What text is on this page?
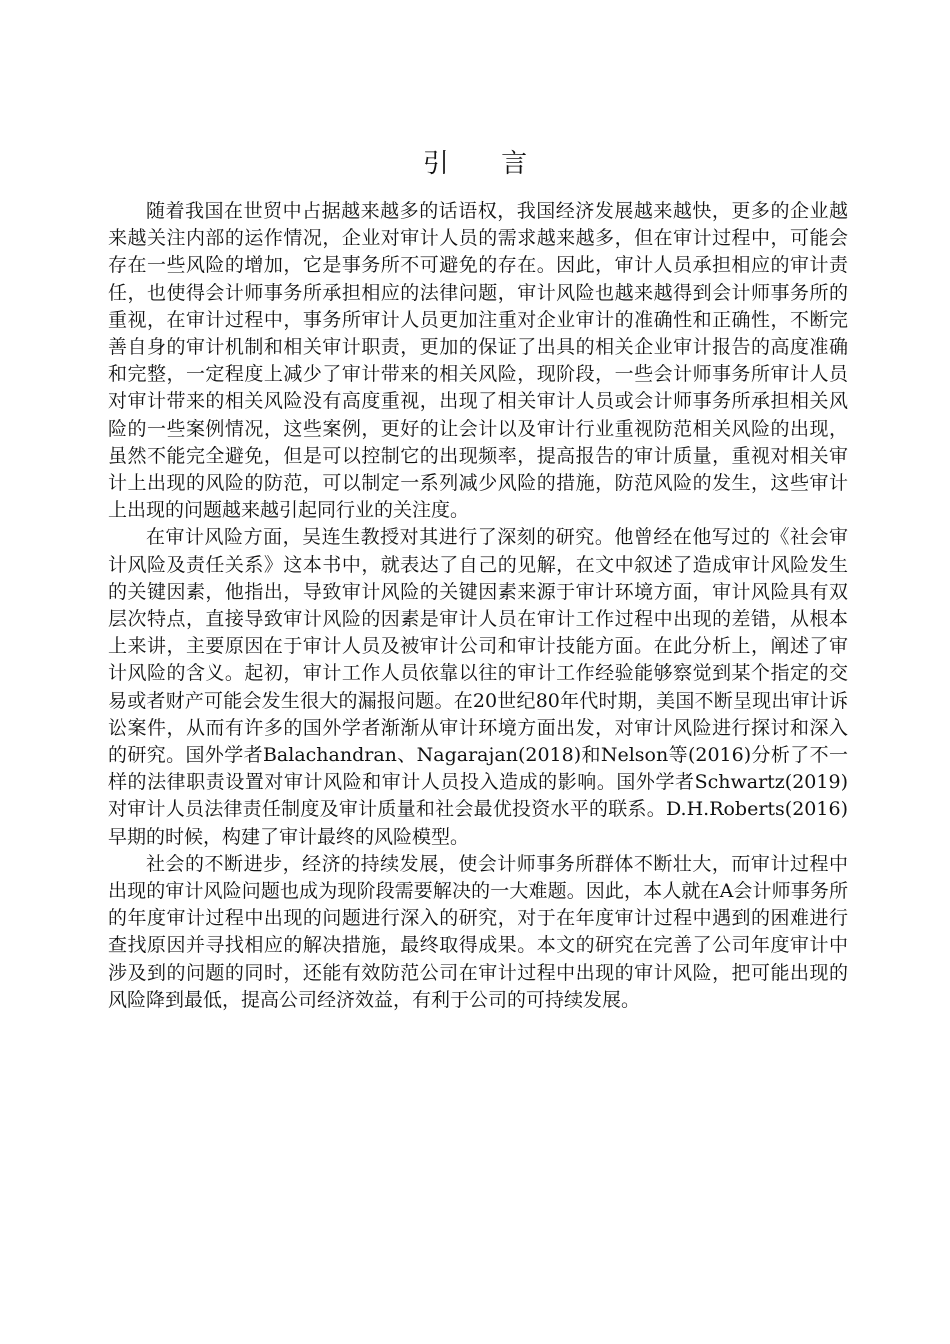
引 言

随着我国在世贸中占据越来越多的话语权，我国经济发展越来越快，更多的企业越来越关注内部的运作情况，企业对审计人员的需求越来越多，但在审计过程中，可能会存在一些风险的增加，它是事务所不可避免的存在。因此，审计人员承担相应的审计责任，也使得会计师事务所承担相应的法律问题，审计风险也越来越得到会计师事务所的重视，在审计过程中，事务所审计人员更加注重对企业审计的准确性和正确性，不断完善自身的审计机制和相关审计职责，更加的保证了出具的相关企业审计报告的高度准确和完整，一定程度上减少了审计带来的相关风险，现阶段，一些会计师事务所审计人员对审计带来的相关风险没有高度重视，出现了相关审计人员或会计师事务所承担相关风险的一些案例情况，这些案例，更好的让会计以及审计行业重视防范相关风险的出现，虽然不能完全避免，但是可以控制它的出现频率，提高报告的审计质量，重视对相关审计上出现的风险的防范，可以制定一系列减少风险的措施，防范风险的发生，这些审计上出现的问题越来越引起同行业的关注度。

在审计风险方面，吴连生教授对其进行了深刻的研究。他曾经在他写过的《社会审计风险及责任关系》这本书中，就表达了自己的见解，在文中叙述了造成审计风险发生的关键因素，他指出，导致审计风险的关键因素来源于审计环境方面，审计风险具有双层次特点，直接导致审计风险的因素是审计人员在审计工作过程中出现的差错，从根本上来讲，主要原因在于审计人员及被审计公司和审计技能方面。在此分析上，阐述了审计风险的含义。起初，审计工作人员依靠以往的审计工作经验能够察觉到某个指定的交易或者财产可能会发生很大的漏报问题。在20世纪80年代时期，美国不断呈现出审计诉讼案件，从而有许多的国外学者渐渐从审计环境方面出发，对审计风险进行探讨和深入的研究。国外学者Balachandran、Nagarajan(2018)和Nelson等(2016)分析了不一样的法律职责设置对审计风险和审计人员投入造成的影响。国外学者Schwartz(2019)对审计人员法律责任制度及审计质量和社会最优投资水平的联系。D.H.Roberts(2016)早期的时候，构建了审计最终的风险模型。

社会的不断进步，经济的持续发展，使会计师事务所群体不断壮大，而审计过程中出现的审计风险问题也成为现阶段需要解决的一大难题。因此，本人就在A会计师事务所的年度审计过程中出现的问题进行深入的研究，对于在年度审计过程中遇到的困难进行查找原因并寻找相应的解决措施，最终取得成果。本文的研究在完善了公司年度审计中涉及到的问题的同时，还能有效防范公司在审计过程中出现的审计风险，把可能出现的风险降到最低，提高公司经济效益，有利于公司的可持续发展。
